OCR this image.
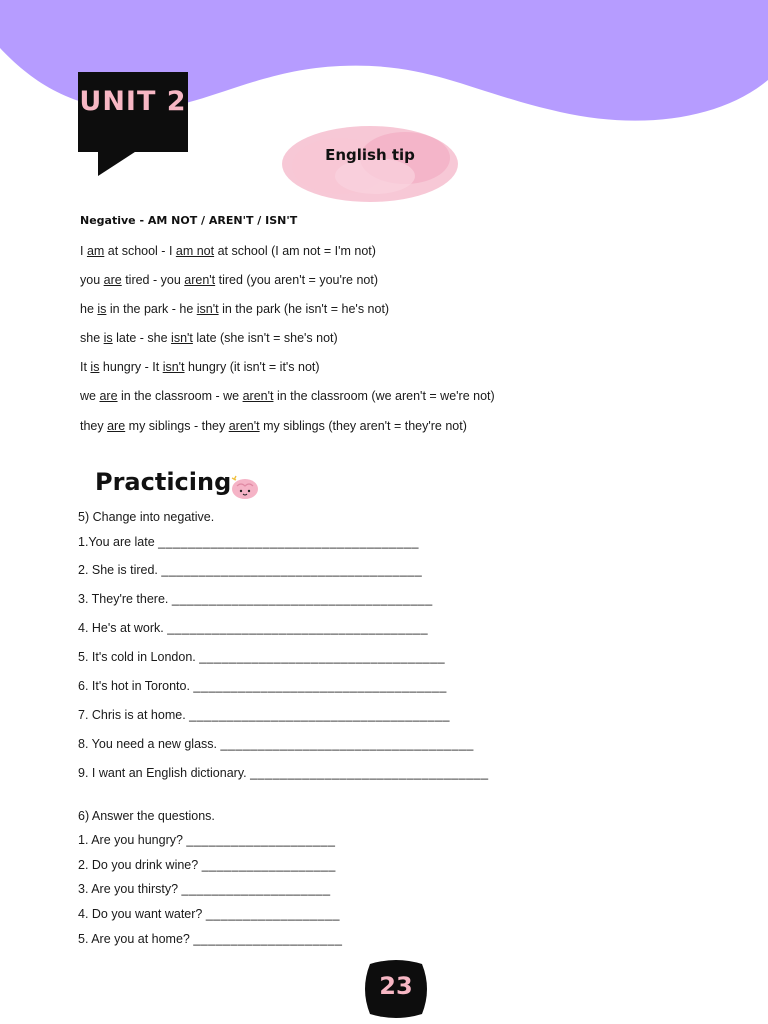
UNIT 2
English tip
Negative - AM NOT / AREN'T / ISN'T
I am at school - I am not at school (I am not = I'm not)
you are tired - you aren't tired (you aren't = you're not)
he is in the park - he isn't in the park (he isn't = he's not)
she is late - she isn't late (she isn't = she's not)
It is hungry - It isn't hungry (it isn't = it's not)
we are in the classroom - we aren't in the classroom (we aren't = we're not)
they are my siblings - they aren't my siblings (they aren't = they're not)
Practicing
5) Change into negative.
1.You are late ___________________________________
2. She is tired. ___________________________________
3. They're there. ___________________________________
4. He's at work. ___________________________________
5. It's cold in London. _________________________________
6. It's hot in Toronto. __________________________________
7. Chris is at home. ___________________________________
8. You need a new glass. __________________________________
9. I want an English dictionary. ________________________________
6) Answer the questions.
1. Are you hungry? ____________________
2. Do you drink wine? __________________
3. Are you thirsty? ____________________
4. Do you want water? __________________
5. Are you at home? ____________________
23
